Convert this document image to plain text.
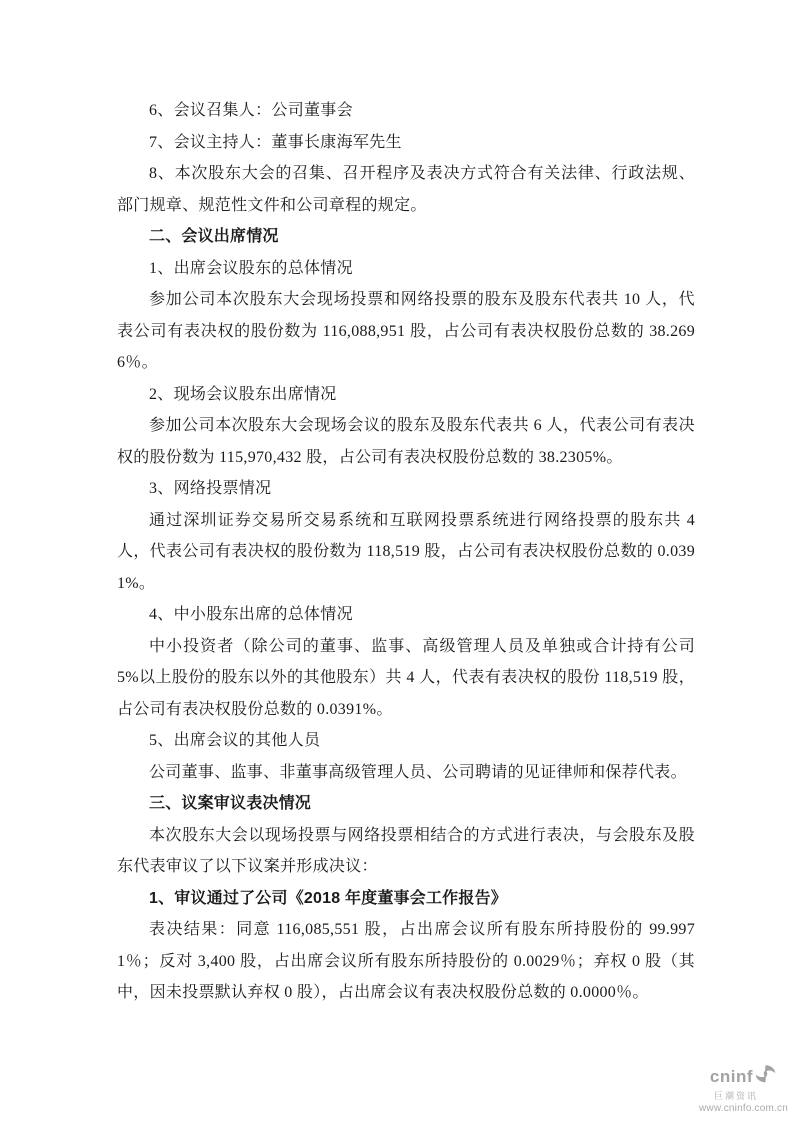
6、会议召集人：公司董事会

7、会议主持人：董事长康海军先生

8、本次股东大会的召集、召开程序及表决方式符合有关法律、行政法规、部门规章、规范性文件和公司章程的规定。

二、会议出席情况

1、出席会议股东的总体情况

参加公司本次股东大会现场投票和网络投票的股东及股东代表共 10 人，代表公司有表决权的股份数为 116,088,951 股，占公司有表决权股份总数的 38.2696％。

2、现场会议股东出席情况

参加公司本次股东大会现场会议的股东及股东代表共 6 人，代表公司有表决权的股份数为 115,970,432 股，占公司有表决权股份总数的 38.2305%。

3、网络投票情况

通过深圳证券交易所交易系统和互联网投票系统进行网络投票的股东共 4 人，代表公司有表决权的股份数为 118,519 股，占公司有表决权股份总数的 0.0391%。

4、中小股东出席的总体情况

中小投资者（除公司的董事、监事、高级管理人员及单独或合计持有公司 5%以上股份的股东以外的其他股东）共 4 人，代表有表决权的股份 118,519 股， 占公司有表决权股份总数的 0.0391%。

5、出席会议的其他人员

公司董事、监事、非董事高级管理人员、公司聘请的见证律师和保荐代表。

三、议案审议表决情况

本次股东大会以现场投票与网络投票相结合的方式进行表决，与会股东及股东代表审议了以下议案并形成决议：

1、审议通过了公司《2018 年度董事会工作报告》

表决结果：同意 116,085,551 股，占出席会议所有股东所持股份的 99.9971％；反对 3,400 股，占出席会议所有股东所持股份的 0.0029％；弃权 0 股（其中，因未投票默认弃权 0 股），占出席会议有表决权股份总数的 0.0000％。

cninf
巨潮资讯
www.cninfo.com.cn
